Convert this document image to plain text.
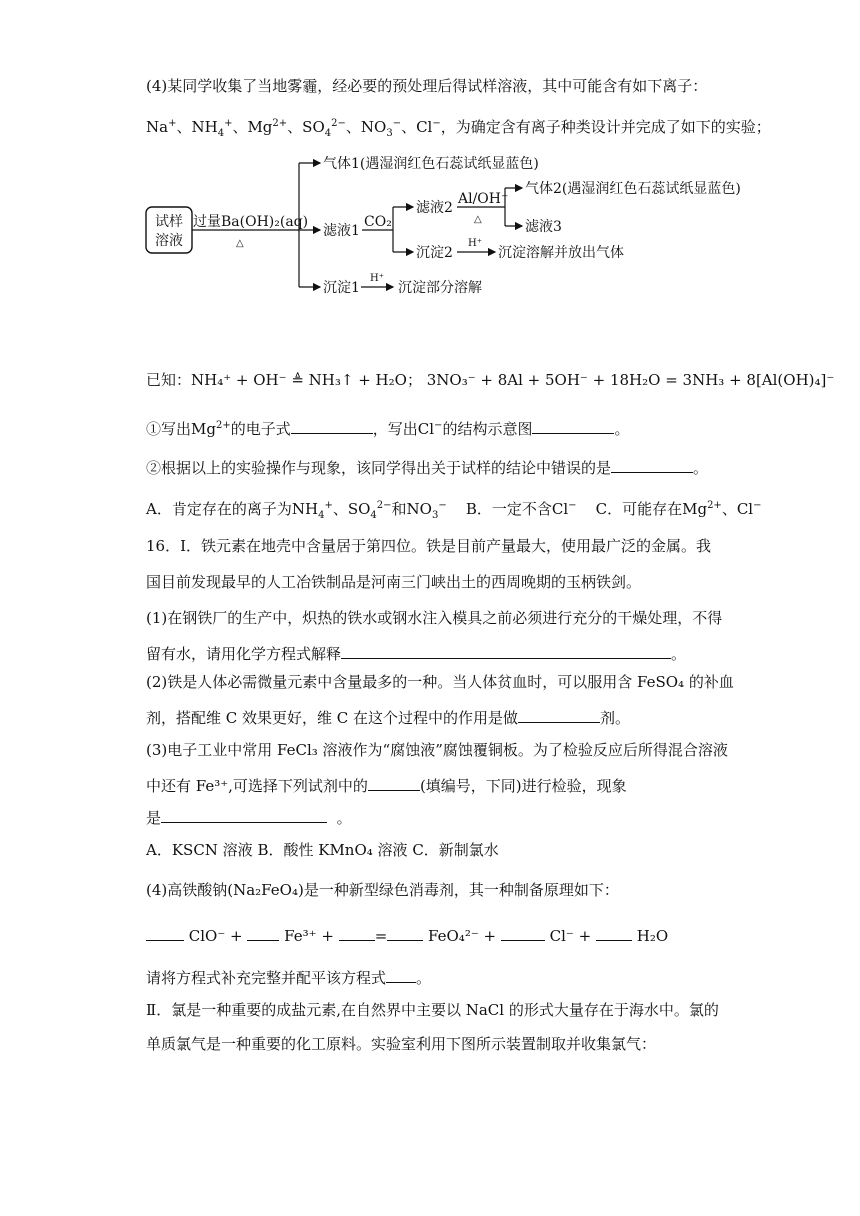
(4)某同学收集了当地雾霾，经必要的预处理后得试样溶液，其中可能含有如下离子：
Na+、$NH_4^+$、$Mg^{2+}$、$SO_4^{2-}$、$NO_3^-$、Cl−，为确定含有离子种类设计并完成了如下的实验；
试样
溶液
过量Ba(OH)₂(aq)
△
气体1(遇湿润红色石蕊试纸显蓝色)
滤液1
沉淀1
CO₂
滤液2
沉淀2
Al/OH⁻
△
气体2(遇湿润红色石蕊试纸显蓝色)
滤液3
H⁺
沉淀溶解并放出气体
H⁺
沉淀部分溶解
已知：NH₄⁺ + OH⁻ ≜ NH₃↑ + H₂O； 3NO₃⁻ + 8Al + 5OH⁻ + 18H₂O = 3NH₃ + 8[Al(OH)₄]⁻
①写出$Mg^{2+}$的电子式	，写出Cl−的结构示意图	。
②根据以上的实验操作与现象，该同学得出关于试样的结论中错误的是	。
A．肯定存在的离子为$NH_4^+$、$SO_4^{2-}$和$NO_3^-$ B．一定不含Cl− C．可能存在$Mg^{2+}$、Cl−
16．Ⅰ．铁元素在地壳中含量居于第四位。铁是目前产量最大，使用最广泛的金属。我
国目前发现最早的人工冶铁制品是河南三门峡出土的西周晚期的玉柄铁剑。
(1)在钢铁厂的生产中，炽热的铁水或钢水注入模具之前必须进行充分的干燥处理，不得
留有水，请用化学方程式解释	。
(2)铁是人体必需微量元素中含量最多的一种。当人体贫血时，可以服用含 FeSO₄ 的补血
剂，搭配维 C 效果更好，维 C 在这个过程中的作用是做	剂。
(3)电子工业中常用 FeCl₃ 溶液作为“腐蚀液”腐蚀覆铜板。为了检验反应后所得混合溶液
中还有 Fe³⁺,可选择下列试剂中的	(填编号，下同)进行检验，现象
是	。
A．KSCN 溶液 B．酸性 KMnO₄ 溶液 C．新制氯水
(4)高铁酸钠(Na₂FeO₄)是一种新型绿色消毒剂，其一种制备原理如下：
ClO⁻ +	Fe³⁺ +	=	FeO₄²⁻ +	Cl⁻ +	H₂O
请将方程式补充完整并配平该方程式 。
Ⅱ．氯是一种重要的成盐元素,在自然界中主要以 NaCl 的形式大量存在于海水中。氯的
单质氯气是一种重要的化工原料。实验室利用下图所示装置制取并收集氯气：
